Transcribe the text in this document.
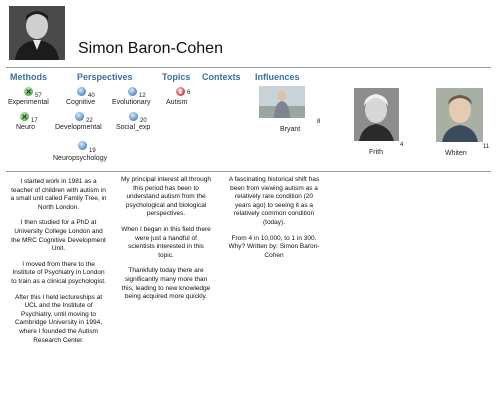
Simon Baron-Cohen
Methods	Perspectives	Topics Contexts Influences
57
Experimental
17
Neuro
40
Cognitive
12
Evolutionary
22
Developmental
20
Social_exp
19
Neuropsychology
6
Autism
8
Bryant
4
Frith
11
Whiten

I started work in 1981 as a teacher of children with autism in a small unit called Family Tree, in North London.

I then studied for a PhD at University College London and the MRC Cognitive Development Unit.

I moved from there to the Institute of Psychiatry in London to train as a clinical psychologist.

After this I held lectureships at UCL and the Institute of Psychiatry, until moving to Cambridge University in 1994, where I founded the Autism Research Center.

My principal interest all through this period has been to understand autism from the psychological and biological perspectives.

When I began in this field there were just a handful of scientists interested in this topic.

Thankfully today there are significantly many more than this, leading to new knowledge being acquired more quickly.

A fascinating historical shift has been from viewing autism as a relatively rare condition (20 years ago) to seeing it as a relatively common condition (today).

From 4 in 10,000, to 1 in 300. Why? Written by: Simon Baron-Cohen
